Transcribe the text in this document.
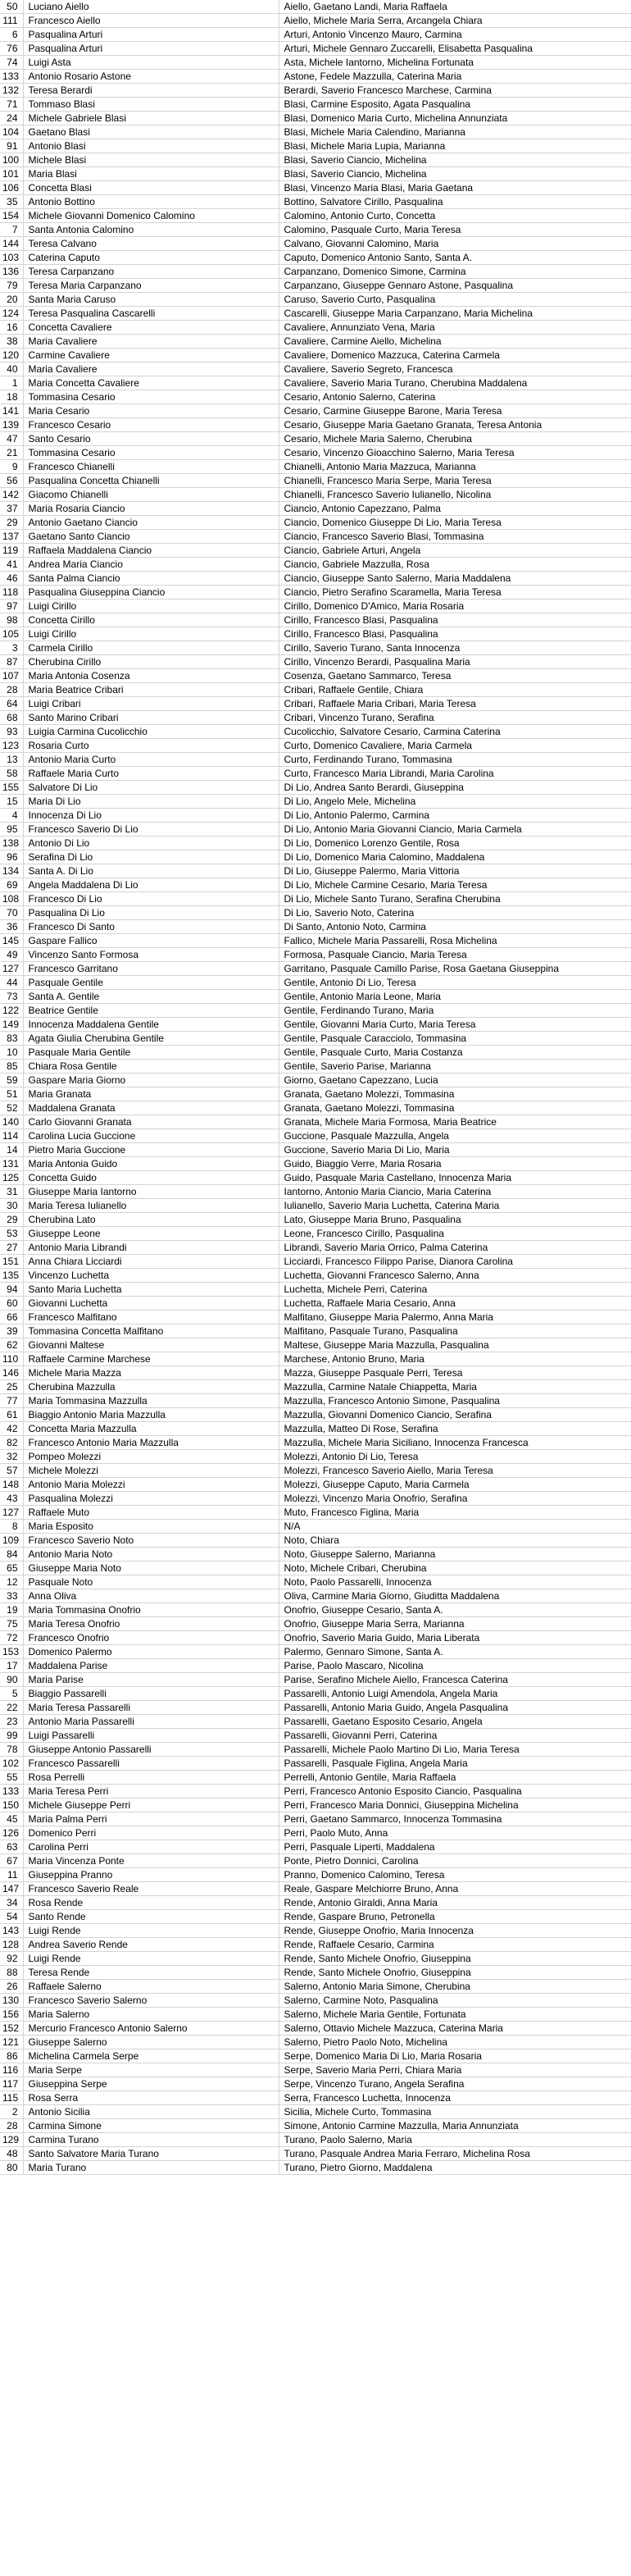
50	Luciano Aiello	Aiello, Gaetano Landi, Maria Raffaela
111	Francesco Aiello	Aiello, Michele Maria Serra, Arcangela Chiara
6	Pasqualina Arturi	Arturi, Antonio Vincenzo Mauro, Carmina
76	Pasqualina Arturi	Arturi, Michele Gennaro Zuccarelli, Elisabetta Pasqualina
74	Luigi Asta	Asta, Michele Iantorno, Michelina Fortunata
133	Antonio Rosario Astone	Astone, Fedele Mazzulla, Caterina Maria
132	Teresa Berardi	Berardi, Saverio Francesco Marchese, Carmina
71	Tommaso Blasi	Blasi, Carmine Esposito, Agata Pasqualina
24	Michele Gabriele Blasi	Blasi, Domenico Maria Curto, Michelina Annunziata
104	Gaetano Blasi	Blasi, Michele Maria Calendino, Marianna
91	Antonio Blasi	Blasi, Michele Maria Lupia, Marianna
100	Michele Blasi	Blasi, Saverio Ciancio, Michelina
101	Maria Blasi	Blasi, Saverio Ciancio, Michelina
106	Concetta Blasi	Blasi, Vincenzo Maria Blasi, Maria Gaetana
35	Antonio Bottino	Bottino, Salvatore Cirillo, Pasqualina
154	Michele Giovanni Domenico Calomino	Calomino, Antonio Curto, Concetta
7	Santa Antonia Calomino	Calomino, Pasquale Curto, Maria Teresa
144	Teresa Calvano	Calvano, Giovanni Calomino, Maria
103	Caterina Caputo	Caputo, Domenico Antonio Santo, Santa A.
136	Teresa Carpanzano	Carpanzano, Domenico Simone, Carmina
79	Teresa Maria Carpanzano	Carpanzano, Giuseppe Gennaro Astone, Pasqualina
20	Santa Maria Caruso	Caruso, Saverio Curto, Pasqualina
124	Teresa Pasqualina Cascarelli	Cascarelli, Giuseppe Maria Carpanzano, Maria Michelina
16	Concetta Cavaliere	Cavaliere, Annunziato Vena, Maria
38	Maria Cavaliere	Cavaliere, Carmine Aiello, Michelina
120	Carmine Cavaliere	Cavaliere, Domenico Mazzuca, Caterina Carmela
40	Maria Cavaliere	Cavaliere, Saverio Segreto, Francesca
1	Maria Concetta Cavaliere	Cavaliere, Saverio Maria Turano, Cherubina Maddalena
18	Tommasina Cesario	Cesario, Antonio Salerno, Caterina
141	Maria Cesario	Cesario, Carmine Giuseppe Barone, Maria Teresa
139	Francesco Cesario	Cesario, Giuseppe Maria Gaetano Granata, Teresa Antonia
47	Santo Cesario	Cesario, Michele Maria Salerno, Cherubina
21	Tommasina Cesario	Cesario, Vincenzo Gioacchino Salerno, Maria Teresa
9	Francesco Chianelli	Chianelli, Antonio Maria Mazzuca, Marianna
56	Pasqualina Concetta Chianelli	Chianelli, Francesco Maria Serpe, Maria Teresa
142	Giacomo Chianelli	Chianelli, Francesco Saverio Iulianello, Nicolina
37	Maria Rosaria Ciancio	Ciancio, Antonio Capezzano, Palma
29	Antonio Gaetano Ciancio	Ciancio, Domenico Giuseppe Di Lio, Maria Teresa
137	Gaetano Santo Ciancio	Ciancio, Francesco Saverio Blasi, Tommasina
119	Raffaela Maddalena Ciancio	Ciancio, Gabriele Arturi, Angela
41	Andrea Maria Ciancio	Ciancio, Gabriele Mazzulla, Rosa
46	Santa Palma Ciancio	Ciancio, Giuseppe Santo Salerno, Maria Maddalena
118	Pasqualina Giuseppina Ciancio	Ciancio, Pietro Serafino Scaramella, Maria Teresa
97	Luigi Cirillo	Cirillo, Domenico D'Amico, Maria Rosaria
98	Concetta Cirillo	Cirillo, Francesco Blasi, Pasqualina
105	Luigi Cirillo	Cirillo, Francesco Blasi, Pasqualina
3	Carmela Cirillo	Cirillo, Saverio Turano, Santa Innocenza
87	Cherubina Cirillo	Cirillo, Vincenzo Berardi, Pasqualina Maria
107	Maria Antonia Cosenza	Cosenza, Gaetano Sammarco, Teresa
28	Maria Beatrice Cribari	Cribari, Raffaele Gentile, Chiara
64	Luigi Cribari	Cribari, Raffaele Maria Cribari, Maria Teresa
68	Santo Marino Cribari	Cribari, Vincenzo Turano, Serafina
93	Luigia Carmina Cucolicchio	Cucolicchio, Salvatore Cesario, Carmina Caterina
123	Rosaria Curto	Curto, Domenico Cavaliere, Maria Carmela
13	Antonio Maria Curto	Curto, Ferdinando Turano, Tommasina
58	Raffaele Maria Curto	Curto, Francesco Maria Librandi, Maria Carolina
155	Salvatore Di Lio	Di Lio, Andrea Santo Berardi, Giuseppina
15	Maria Di Lio	Di Lio, Angelo Mele, Michelina
4	Innocenza Di Lio	Di Lio, Antonio Palermo, Carmina
95	Francesco Saverio Di Lio	Di Lio, Antonio Maria Giovanni Ciancio, Maria Carmela
138	Antonio Di Lio	Di Lio, Domenico Lorenzo Gentile, Rosa
96	Serafina Di Lio	Di Lio, Domenico Maria Calomino, Maddalena
134	Santa A. Di Lio	Di Lio, Giuseppe Palermo, Maria Vittoria
69	Angela Maddalena Di Lio	Di Lio, Michele Carmine Cesario, Maria Teresa
108	Francesco Di Lio	Di Lio, Michele Santo Turano, Serafina Cherubina
70	Pasqualina Di Lio	Di Lio, Saverio Noto, Caterina
36	Francesco Di Santo	Di Santo, Antonio Noto, Carmina
145	Gaspare Fallico	Fallico, Michele Maria Passarelli, Rosa Michelina
49	Vincenzo Santo Formosa	Formosa, Pasquale Ciancio, Maria Teresa
127	Francesco Garritano	Garritano, Pasquale Camillo Parise, Rosa Gaetana Giuseppina
44	Pasquale Gentile	Gentile, Antonio Di Lio, Teresa
73	Santa A. Gentile	Gentile, Antonio Maria Leone, Maria
122	Beatrice Gentile	Gentile, Ferdinando Turano, Maria
149	Innocenza Maddalena Gentile	Gentile, Giovanni Maria Curto, Maria Teresa
83	Agata Giulia Cherubina Gentile	Gentile, Pasquale Caracciolo, Tommasina
10	Pasquale Maria Gentile	Gentile, Pasquale Curto, Maria Costanza
85	Chiara Rosa Gentile	Gentile, Saverio Parise, Marianna
59	Gaspare Maria Giorno	Giorno, Gaetano Capezzano, Lucia
51	Maria Granata	Granata, Gaetano Molezzi, Tommasina
52	Maddalena Granata	Granata, Gaetano Molezzi, Tommasina
140	Carlo Giovanni Granata	Granata, Michele Maria Formosa, Maria Beatrice
114	Carolina Lucia Guccione	Guccione, Pasquale Mazzulla, Angela
14	Pietro Maria Guccione	Guccione, Saverio Maria Di Lio, Maria
131	Maria Antonia Guido	Guido, Biaggio Verre, Maria Rosaria
125	Concetta Guido	Guido, Pasquale Maria Castellano, Innocenza Maria
31	Giuseppe Maria Iantorno	Iantorno, Antonio Maria Ciancio, Maria Caterina
30	Maria Teresa Iulianello	Iulianello, Saverio Maria Luchetta, Caterina Maria
29	Cherubina Lato	Lato, Giuseppe Maria Bruno, Pasqualina
53	Giuseppe Leone	Leone, Francesco Cirillo, Pasqualina
27	Antonio Maria Librandi	Librandi, Saverio Maria Orrico, Palma Caterina
151	Anna Chiara Licciardi	Licciardi, Francesco Filippo Parise, Dianora Carolina
135	Vincenzo Luchetta	Luchetta, Giovanni Francesco Salerno, Anna
94	Santo Maria Luchetta	Luchetta, Michele Perri, Caterina
60	Giovanni Luchetta	Luchetta, Raffaele Maria Cesario, Anna
66	Francesco Malfitano	Malfitano, Giuseppe Maria Palermo, Anna Maria
39	Tommasina Concetta Malfitano	Malfitano, Pasquale Turano, Pasqualina
62	Giovanni Maltese	Maltese, Giuseppe Maria Mazzulla, Pasqualina
110	Raffaele Carmine Marchese	Marchese, Antonio Bruno, Maria
146	Michele Maria Mazza	Mazza, Giuseppe Pasquale Perri, Teresa
25	Cherubina Mazzulla	Mazzulla, Carmine Natale Chiappetta, Maria
77	Maria Tommasina Mazzulla	Mazzulla, Francesco Antonio Simone, Pasqualina
61	Biaggio Antonio Maria Mazzulla	Mazzulla, Giovanni Domenico Ciancio, Serafina
42	Concetta Maria Mazzulla	Mazzulla, Matteo Di Rose, Serafina
82	Francesco Antonio Maria Mazzulla	Mazzulla, Michele Maria Siciliano, Innocenza Francesca
32	Pompeo Molezzi	Molezzi, Antonio Di Lio, Teresa
57	Michele Molezzi	Molezzi, Francesco Saverio Aiello, Maria Teresa
148	Antonio Maria Molezzi	Molezzi, Giuseppe Caputo, Maria Carmela
43	Pasqualina Molezzi	Molezzi, Vincenzo Maria Onofrio, Serafina
127	Raffaele Muto	Muto, Francesco Figlina, Maria
8	Maria Esposito	N/A
109	Francesco Saverio Noto	Noto, Chiara
84	Antonio Maria Noto	Noto, Giuseppe Salerno, Marianna
65	Giuseppe Maria Noto	Noto, Michele Cribari, Cherubina
12	Pasquale Noto	Noto, Paolo Passarelli, Innocenza
33	Anna Oliva	Oliva, Carmine Maria Giorno, Giuditta Maddalena
19	Maria Tommasina Onofrio	Onofrio, Giuseppe Cesario, Santa A.
75	Maria Teresa Onofrio	Onofrio, Giuseppe Maria Serra, Marianna
72	Francesco Onofrio	Onofrio, Saverio Maria Guido, Maria Liberata
153	Domenico Palermo	Palermo, Gennaro Simone, Santa A.
17	Maddalena Parise	Parise, Paolo Mascaro, Nicolina
90	Maria Parise	Parise, Serafino Michele Aiello, Francesca Caterina
5	Biaggio Passarelli	Passarelli, Antonio Luigi Amendola, Angela Maria
22	Maria Teresa Passarelli	Passarelli, Antonio Maria Guido, Angela Pasqualina
23	Antonio Maria Passarelli	Passarelli, Gaetano Esposito Cesario, Angela
99	Luigi Passarelli	Passarelli, Giovanni Perri, Caterina
78	Giuseppe Antonio Passarelli	Passarelli, Michele Paolo Martino Di Lio, Maria Teresa
102	Francesco Passarelli	Passarelli, Pasquale Figlina, Angela Maria
55	Rosa Perrelli	Perrelli, Antonio Gentile, Maria Raffaela
133	Maria Teresa Perri	Perri, Francesco Antonio Esposito Ciancio, Pasqualina
150	Michele Giuseppe Perri	Perri, Francesco Maria Donnici, Giuseppina Michelina
45	Maria Palma Perri	Perri, Gaetano Sammarco, Innocenza Tommasina
126	Domenico Perri	Perri, Paolo Muto, Anna
63	Carolina Perri	Perri, Pasquale Liperti, Maddalena
67	Maria Vincenza Ponte	Ponte, Pietro Donnici, Carolina
11	Giuseppina Pranno	Pranno, Domenico Calomino, Teresa
147	Francesco Saverio Reale	Reale, Gaspare Melchiorre Bruno, Anna
34	Rosa Rende	Rende, Antonio Giraldi, Anna Maria
54	Santo Rende	Rende, Gaspare Bruno, Petronella
143	Luigi Rende	Rende, Giuseppe Onofrio, Maria Innocenza
128	Andrea Saverio Rende	Rende, Raffaele Cesario, Carmina
92	Luigi Rende	Rende, Santo Michele Onofrio, Giuseppina
88	Teresa Rende	Rende, Santo Michele Onofrio, Giuseppina
26	Raffaele Salerno	Salerno, Antonio Maria Simone, Cherubina
130	Francesco Saverio Salerno	Salerno, Carmine Noto, Pasqualina
156	Maria Salerno	Salerno, Michele Maria Gentile, Fortunata
152	Mercurio Francesco Antonio Salerno	Salerno, Ottavio Michele Mazzuca, Caterina Maria
121	Giuseppe Salerno	Salerno, Pietro Paolo Noto, Michelina
86	Michelina Carmela Serpe	Serpe, Domenico Maria Di Lio, Maria Rosaria
116	Maria Serpe	Serpe, Saverio Maria Perri, Chiara Maria
117	Giuseppina Serpe	Serpe, Vincenzo Turano, Angela Serafina
115	Rosa Serra	Serra, Francesco Luchetta, Innocenza
2	Antonio Sicilia	Sicilia, Michele Curto, Tommasina
28	Carmina Simone	Simone, Antonio Carmine Mazzulla, Maria Annunziata
129	Carmina Turano	Turano, Paolo Salerno, Maria
48	Santo Salvatore Maria Turano	Turano, Pasquale Andrea Maria Ferraro, Michelina Rosa
80	Maria Turano	Turano, Pietro Giorno, Maddalena
